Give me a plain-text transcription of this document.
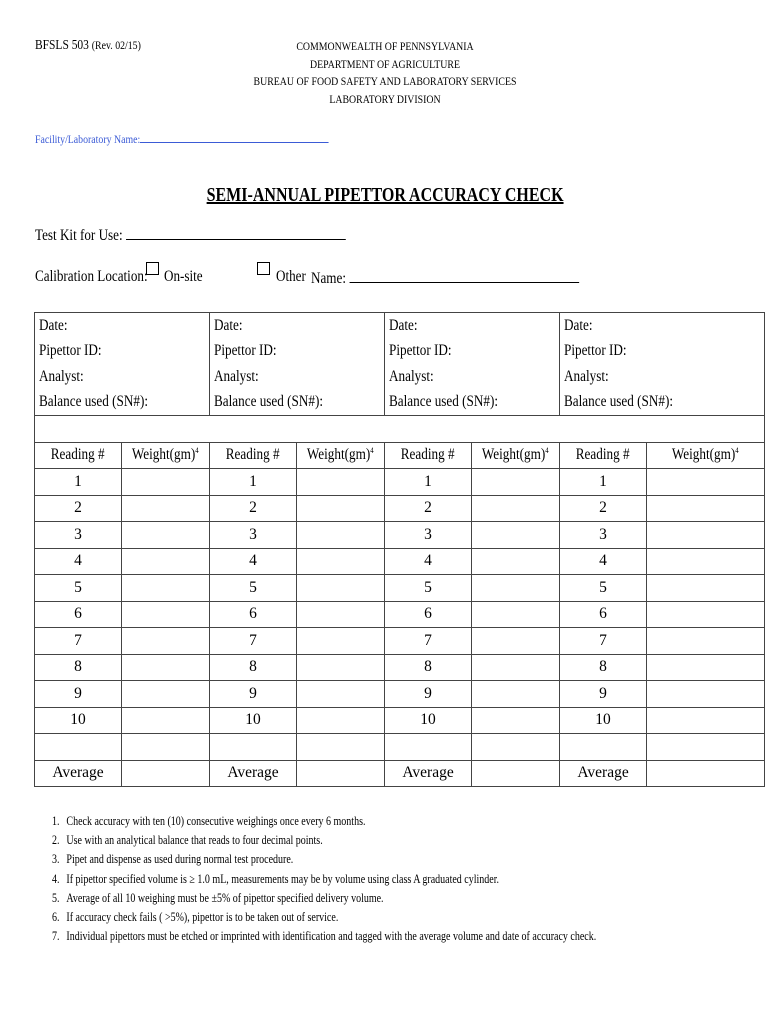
BFSLS 503 (Rev. 02/15)	COMMONWEALTH OF PENNSYLVANIA
DEPARTMENT OF AGRICULTURE
BUREAU OF FOOD SAFETY AND LABORATORY SERVICES
LABORATORY DIVISION
Facility/Laboratory Name:
SEMI-ANNUAL PIPETTOR ACCURACY CHECK
Test Kit for Use:
Calibration Location: On-site	Other Name:
Date:		Date:		Date:		Date:	
Pipettor ID:		Pipettor ID:		Pipettor ID:		Pipettor ID:	
Analyst:		Analyst:		Analyst:		Analyst:	
Balance used (SN#):		Balance used (SN#):		Balance used (SN#):		Balance used (SN#):	

Reading #	Weight(gm)$^4$	Reading #	Weight(gm)$^4$	Reading #	Weight(gm)$^4$	Reading #	Weight(gm)$^4$
1		1		1		1	
2		2		2		2	
3		3		3		3	
4		4		4		4	
5		5		5		5	
6		6		6		6	
7		7		7		7	
8		8		8		8	
9		9		9		9	
10		10		10		10	

Average		Average		Average		Average	
1. Check accuracy with ten (10) consecutive weighings once every 6 months.
2. Use with an analytical balance that reads to four decimal points.
3. Pipet and dispense as used during normal test procedure.
4. If pipettor specified volume is ≥ 1.0 mL, measurements may be by volume using class A graduated cylinder.
5. Average of all 10 weighing must be ±5% of pipettor specified delivery volume.
6. If accuracy check fails ( >5%), pipettor is to be taken out of service.
7. Individual pipettors must be etched or imprinted with identification and tagged with the average volume and date of accuracy check.
